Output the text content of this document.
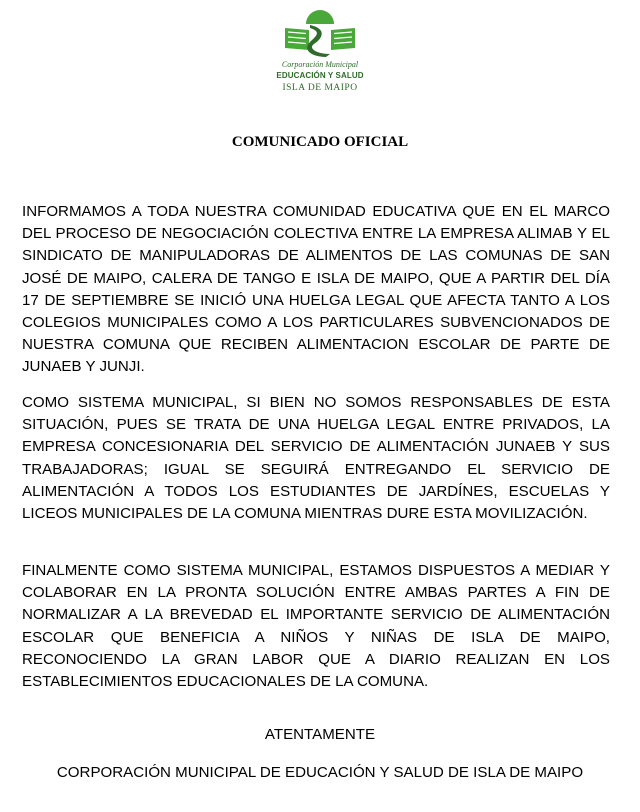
Corporación Municipal
EDUCACIÓN Y SALUD
ISLA DE MAIPO
COMUNICADO OFICIAL

INFORMAMOS A TODA NUESTRA COMUNIDAD EDUCATIVA QUE EN EL MARCO DEL PROCESO DE NEGOCIACIÓN COLECTIVA ENTRE LA EMPRESA ALIMAB Y EL SINDICATO DE MANIPULADORAS DE ALIMENTOS DE LAS COMUNAS DE SAN JOSÉ DE MAIPO, CALERA DE TANGO E ISLA DE MAIPO, QUE A PARTIR DEL DÍA 17 DE SEPTIEMBRE SE INICIÓ UNA HUELGA LEGAL QUE AFECTA TANTO A LOS COLEGIOS MUNICIPALES COMO A LOS PARTICULARES SUBVENCIONADOS DE NUESTRA COMUNA QUE RECIBEN ALIMENTACION ESCOLAR DE PARTE DE JUNAEB Y JUNJI.

COMO SISTEMA MUNICIPAL, SI BIEN NO SOMOS RESPONSABLES DE ESTA SITUACIÓN, PUES SE TRATA DE UNA HUELGA LEGAL ENTRE PRIVADOS, LA EMPRESA CONCESIONARIA DEL SERVICIO DE ALIMENTACIÓN JUNAEB Y SUS TRABAJADORAS; IGUAL SE SEGUIRÁ ENTREGANDO EL SERVICIO DE ALIMENTACIÓN A TODOS LOS ESTUDIANTES DE JARDÍNES, ESCUELAS Y LICEOS MUNICIPALES DE LA COMUNA MIENTRAS DURE ESTA MOVILIZACIÓN.

FINALMENTE COMO SISTEMA MUNICIPAL, ESTAMOS DISPUESTOS A MEDIAR Y COLABORAR EN LA PRONTA SOLUCIÓN ENTRE AMBAS PARTES A FIN DE NORMALIZAR A LA BREVEDAD EL IMPORTANTE SERVICIO DE ALIMENTACIÓN ESCOLAR QUE BENEFICIA A NIÑOS Y NIÑAS DE ISLA DE MAIPO, RECONOCIENDO LA GRAN LABOR QUE A DIARIO REALIZAN EN LOS ESTABLECIMIENTOS EDUCACIONALES DE LA COMUNA.

ATENTAMENTE
CORPORACIÓN MUNICIPAL DE EDUCACIÓN Y SALUD DE ISLA DE MAIPO
